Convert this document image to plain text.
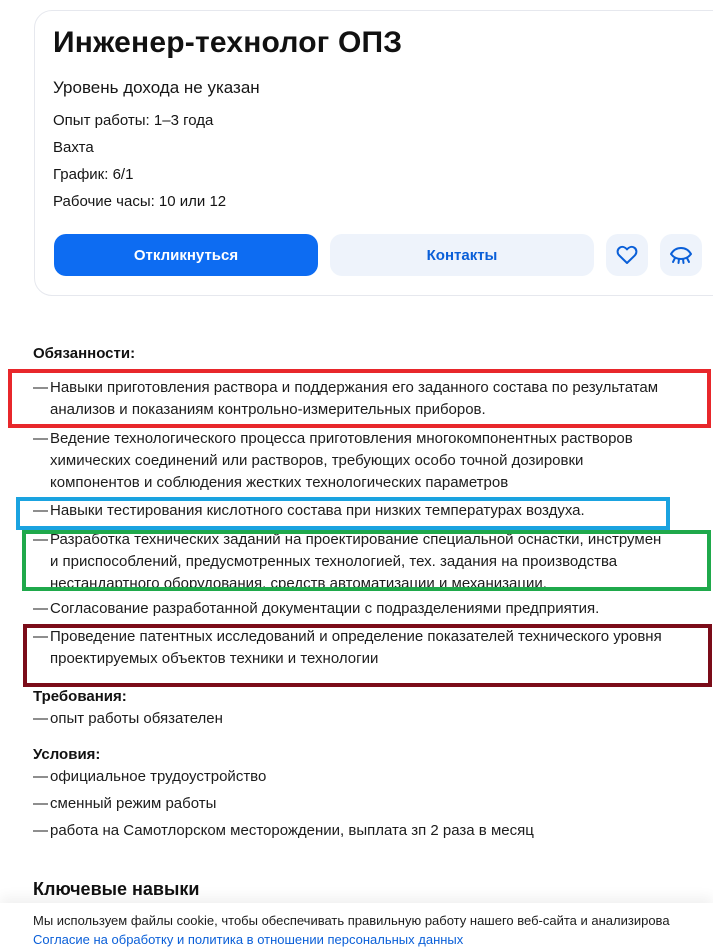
Инженер-технолог ОПЗ
Уровень дохода не указан
Опыт работы: 1–3 года
Вахта
График: 6/1
Рабочие часы: 10 или 12
Откликнуться	Контакты
Обязанности:
— Навыки приготовления раствора и поддержания его заданного состава по результатам
анализов и показаниям контрольно-измерительных приборов.
— Ведение технологического процесса приготовления многокомпонентных растворов
химических соединений или растворов, требующих особо точной дозировки
компонентов и соблюдения жестких технологических параметров
— Навыки тестирования кислотного состава при низких температурах воздуха.
— Разработка технических заданий на проектирование специальной оснастки, инструмен
и приспособлений, предусмотренных технологией, тех. задания на производства
нестандартного оборудования, средств автоматизации и механизации.
— Согласование разработанной документации с подразделениями предприятия.
— Проведение патентных исследований и определение показателей технического уровня
проектируемых объектов техники и технологии
Требования:
— опыт работы обязателен
Условия:
— официальное трудоустройство
— сменный режим работы
— работа на Самотлорском месторождении, выплата зп 2 раза в месяц
Ключевые навыки
Мы используем файлы cookie, чтобы обеспечивать правильную работу нашего веб-сайта и анализирова
Согласие на обработку и политика в отношении персональных данных
